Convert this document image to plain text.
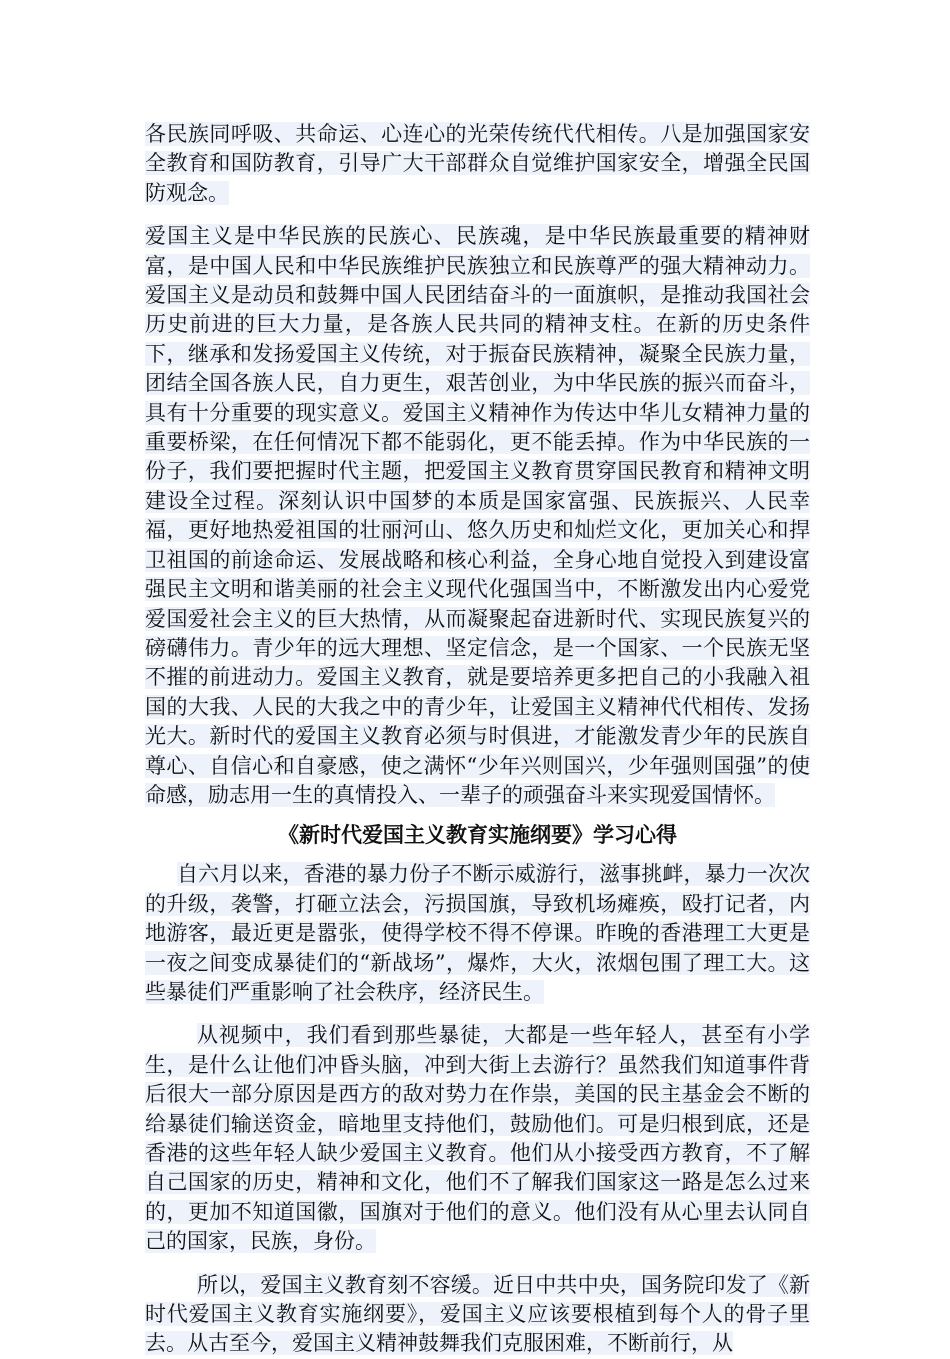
各民族同呼吸、共命运、心连心的光荣传统代代相传。八是加强国家安全教育和国防教育，引导广大干部群众自觉维护国家安全，增强全民国防观念。

爱国主义是中华民族的民族心、民族魂，是中华民族最重要的精神财富，是中国人民和中华民族维护民族独立和民族尊严的强大精神动力。爱国主义是动员和鼓舞中国人民团结奋斗的一面旗帜，是推动我国社会历史前进的巨大力量，是各族人民共同的精神支柱。在新的历史条件下，继承和发扬爱国主义传统，对于振奋民族精神，凝聚全民族力量，团结全国各族人民，自力更生，艰苦创业，为中华民族的振兴而奋斗，具有十分重要的现实意义。爱国主义精神作为传达中华儿女精神力量的重要桥梁，在任何情况下都不能弱化，更不能丢掉。作为中华民族的一份子，我们要把握时代主题，把爱国主义教育贯穿国民教育和精神文明建设全过程。深刻认识中国梦的本质是国家富强、民族振兴、人民幸福，更好地热爱祖国的壮丽河山、悠久历史和灿烂文化，更加关心和捍卫祖国的前途命运、发展战略和核心利益，全身心地自觉投入到建设富强民主文明和谐美丽的社会主义现代化强国当中，不断激发出内心爱党爱国爱社会主义的巨大热情，从而凝聚起奋进新时代、实现民族复兴的磅礴伟力。青少年的远大理想、坚定信念，是一个国家、一个民族无坚不摧的前进动力。爱国主义教育，就是要培养更多把自己的小我融入祖国的大我、人民的大我之中的青少年，让爱国主义精神代代相传、发扬光大。新时代的爱国主义教育必须与时俱进，才能激发青少年的民族自尊心、自信心和自豪感，使之满怀“少年兴则国兴，少年强则国强”的使命感，励志用一生的真情投入、一辈子的顽强奋斗来实现爱国情怀。

《新时代爱国主义教育实施纲要》学习心得

自六月以来，香港的暴力份子不断示威游行，滋事挑衅，暴力一次次的升级，袭警，打砸立法会，污损国旗，导致机场瘫痪，殴打记者，内地游客，最近更是嚣张，使得学校不得不停课。昨晚的香港理工大更是一夜之间变成暴徒们的“新战场”，爆炸，大火，浓烟包围了理工大。这些暴徒们严重影响了社会秩序，经济民生。

从视频中，我们看到那些暴徒，大都是一些年轻人，甚至有小学生，是什么让他们冲昏头脑，冲到大街上去游行？虽然我们知道事件背后很大一部分原因是西方的敌对势力在作祟，美国的民主基金会不断的给暴徒们输送资金，暗地里支持他们，鼓励他们。可是归根到底，还是香港的这些年轻人缺少爱国主义教育。他们从小接受西方教育，不了解自己国家的历史，精神和文化，他们不了解我们国家这一路是怎么过来的，更加不知道国徽，国旗对于他们的意义。他们没有从心里去认同自己的国家，民族，身份。

所以，爱国主义教育刻不容缓。近日中共中央，国务院印发了《新时代爱国主义教育实施纲要》，爱国主义应该要根植到每个人的骨子里去。从古至今，爱国主义精神鼓舞我们克服困难，不断前行，从
